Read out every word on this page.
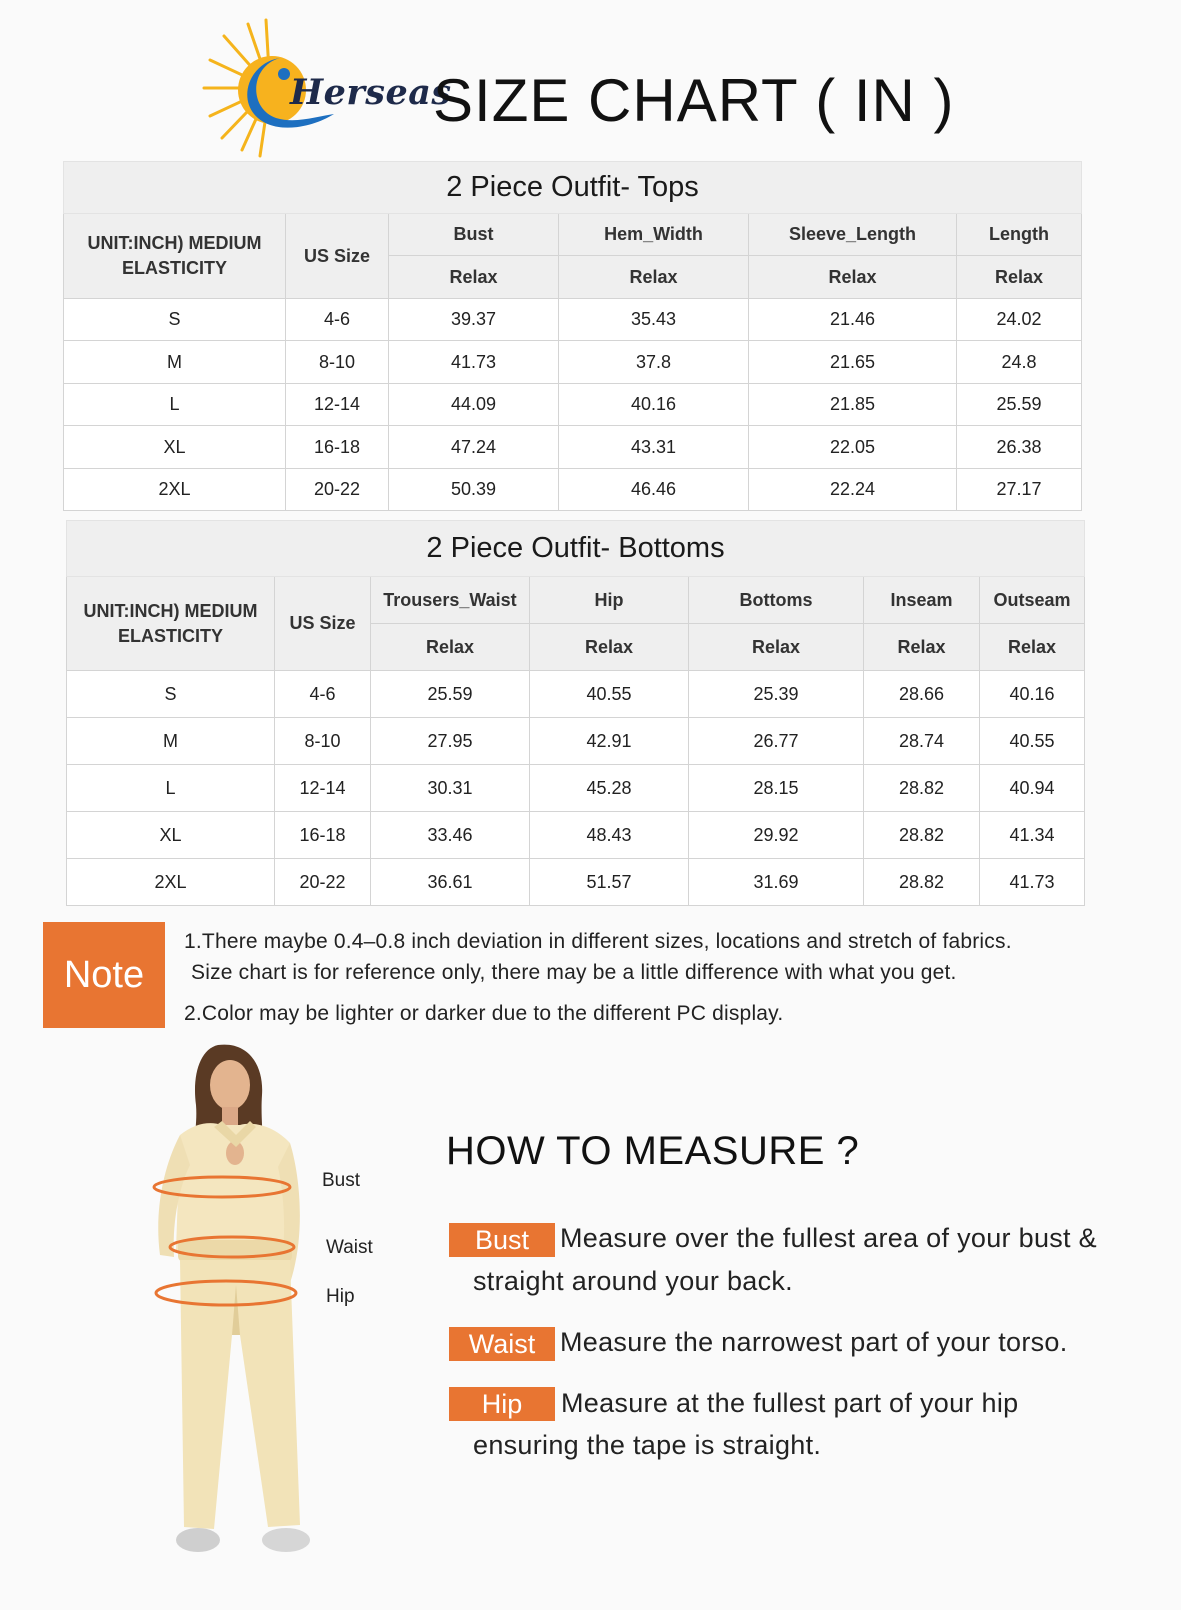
Herseas
SIZE CHART ( IN )
2 Piece Outfit- Tops					
UNIT:INCH) MEDIUM ELASTICITY	US Size	Bust	Hem_Width	Sleeve_Length	Length
		Relax	Relax	Relax	Relax
S	4-6	39.37	35.43	21.46	24.02
M	8-10	41.73	37.8	21.65	24.8
L	12-14	44.09	40.16	21.85	25.59
XL	16-18	47.24	43.31	22.05	26.38
2XL	20-22	50.39	46.46	22.24	27.17
2 Piece Outfit- Bottoms						
UNIT:INCH) MEDIUM ELASTICITY	US Size	Trousers_Waist	Hip	Bottoms	Inseam	Outseam
		Relax	Relax	Relax	Relax	Relax
S	4-6	25.59	40.55	25.39	28.66	40.16
M	8-10	27.95	42.91	26.77	28.74	40.55
L	12-14	30.31	45.28	28.15	28.82	40.94
XL	16-18	33.46	48.43	29.92	28.82	41.34
2XL	20-22	36.61	51.57	31.69	28.82	41.73
Note
1.There maybe 0.4–0.8 inch deviation in different sizes, locations and stretch of fabrics.
Size chart is for reference only, there may be a little difference with what you get.
2.Color may be lighter or darker due to the different PC display.
Bust
Waist
Hip
HOW TO MEASURE ?
Bust	Measure over the fullest area of your bust &
straight around your back.
Waist Measure the narrowest part of your torso.
Hip	Measure at the fullest part of your hip
ensuring the tape is straight.
